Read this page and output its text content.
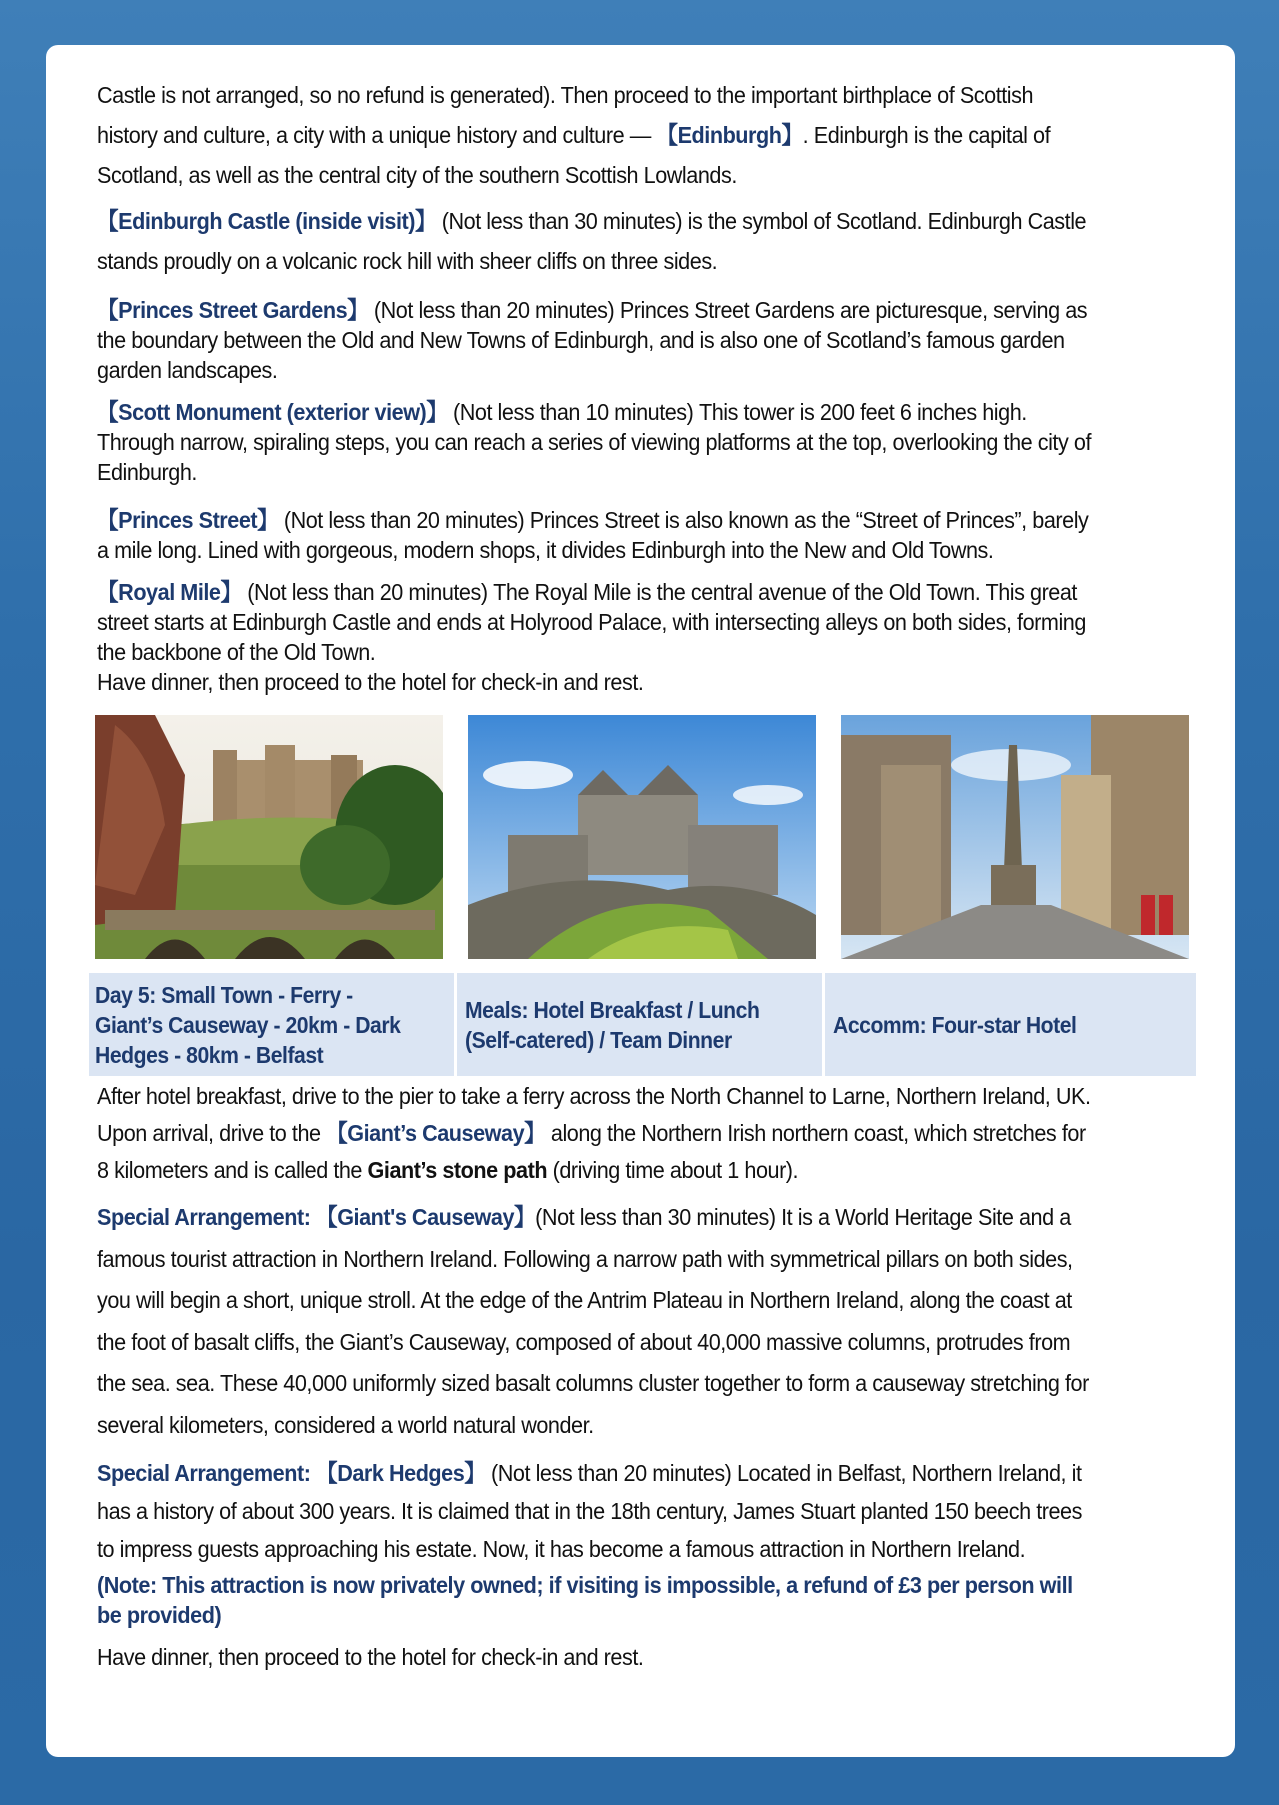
Castle is not arranged, so no refund is generated). Then proceed to the important birthplace of Scottish history and culture, a city with a unique history and culture — 【Edinburgh】. Edinburgh is the capital of Scotland, as well as the central city of the southern Scottish Lowlands.

【Edinburgh Castle (inside visit)】 (Not less than 30 minutes) is the symbol of Scotland. Edinburgh Castle stands proudly on a volcanic rock hill with sheer cliffs on three sides.

【Princes Street Gardens】 (Not less than 20 minutes) Princes Street Gardens are picturesque, serving as the boundary between the Old and New Towns of Edinburgh, and is also one of Scotland’s famous garden garden landscapes.

【Scott Monument (exterior view)】 (Not less than 10 minutes) This tower is 200 feet 6 inches high. Through narrow, spiraling steps, you can reach a series of viewing platforms at the top, overlooking the city of Edinburgh.

【Princes Street】 (Not less than 20 minutes) Princes Street is also known as the “Street of Princes”, barely a mile long. Lined with gorgeous, modern shops, it divides Edinburgh into the New and Old Towns.

【Royal Mile】 (Not less than 20 minutes) The Royal Mile is the central avenue of the Old Town. This great street starts at Edinburgh Castle and ends at Holyrood Palace, with intersecting alleys on both sides, forming the backbone of the Old Town.

Have dinner, then proceed to the hotel for check-in and rest.

Day 5: Small Town - Ferry - Giant’s Causeway - 20km - Dark Hedges - 80km - Belfast
Meals: Hotel Breakfast / Lunch (Self-catered) / Team Dinner
Accomm: Four-star Hotel

After hotel breakfast, drive to the pier to take a ferry across the North Channel to Larne, Northern Ireland, UK. Upon arrival, drive to the 【Giant’s Causeway】 along the Northern Irish northern coast, which stretches for 8 kilometers and is called the Giant’s stone path (driving time about 1 hour).

Special Arrangement: 【Giant's Causeway】(Not less than 30 minutes) It is a World Heritage Site and a famous tourist attraction in Northern Ireland. Following a narrow path with symmetrical pillars on both sides, you will begin a short, unique stroll. At the edge of the Antrim Plateau in Northern Ireland, along the coast at the foot of basalt cliffs, the Giant’s Causeway, composed of about 40,000 massive columns, protrudes from the sea. sea. These 40,000 uniformly sized basalt columns cluster together to form a causeway stretching for several kilometers, considered a world natural wonder.

Special Arrangement: 【Dark Hedges】 (Not less than 20 minutes) Located in Belfast, Northern Ireland, it has a history of about 300 years. It is claimed that in the 18th century, James Stuart planted 150 beech trees to impress guests approaching his estate. Now, it has become a famous attraction in Northern Ireland.

(Note: This attraction is now privately owned; if visiting is impossible, a refund of £3 per person will be provided)

Have dinner, then proceed to the hotel for check-in and rest.
